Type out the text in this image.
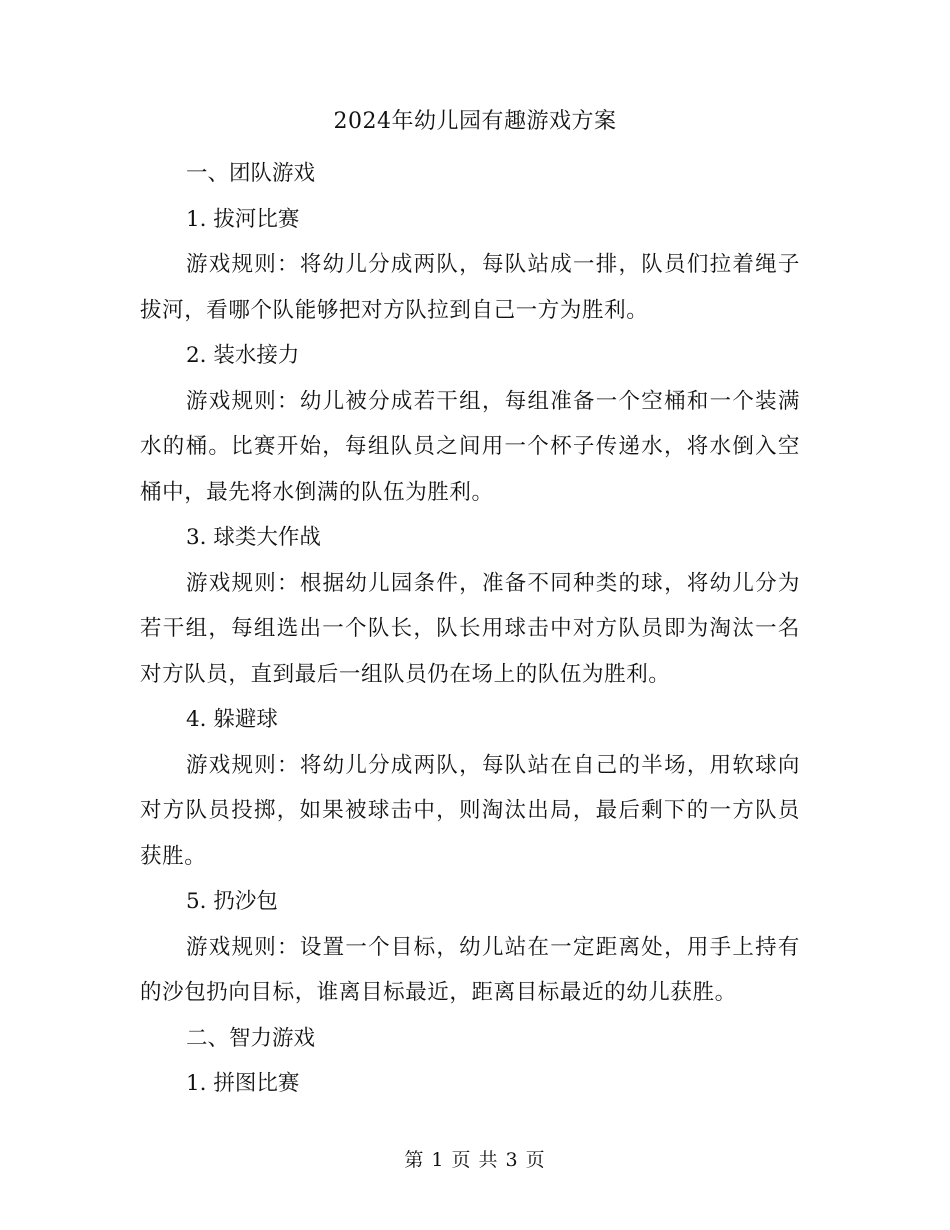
2024年幼儿园有趣游戏方案

一、团队游戏

1. 拔河比赛

游戏规则：将幼儿分成两队，每队站成一排，队员们拉着绳子拔河，看哪个队能够把对方队拉到自己一方为胜利。

2. 装水接力

游戏规则：幼儿被分成若干组，每组准备一个空桶和一个装满水的桶。比赛开始，每组队员之间用一个杯子传递水，将水倒入空桶中，最先将水倒满的队伍为胜利。

3. 球类大作战

游戏规则：根据幼儿园条件，准备不同种类的球，将幼儿分为若干组，每组选出一个队长，队长用球击中对方队员即为淘汰一名对方队员，直到最后一组队员仍在场上的队伍为胜利。

4. 躲避球

游戏规则：将幼儿分成两队，每队站在自己的半场，用软球向对方队员投掷，如果被球击中，则淘汰出局，最后剩下的一方队员获胜。

5. 扔沙包

游戏规则：设置一个目标，幼儿站在一定距离处，用手上持有的沙包扔向目标，谁离目标最近，距离目标最近的幼儿获胜。

二、智力游戏

1. 拼图比赛

第 1 页 共 3 页
